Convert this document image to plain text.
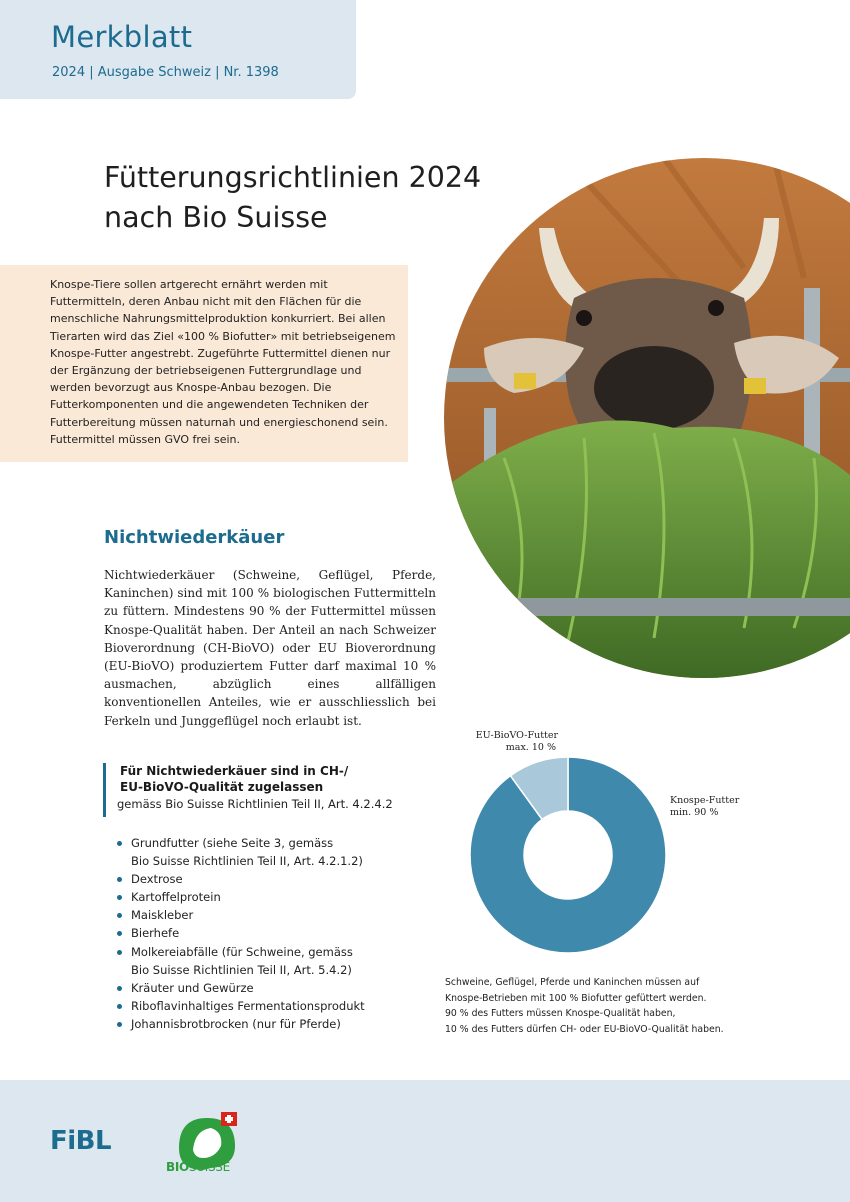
Merkblatt
2024 | Ausgabe Schweiz | Nr. 1398
Fütterungsrichtlinien 2024
nach Bio Suisse
Knospe-Tiere sollen artgerecht ernährt werden mit Futtermitteln, deren Anbau nicht mit den Flächen für die menschliche Nahrungsmittelproduktion konkurriert. Bei allen Tierarten wird das Ziel «100 % Biofutter» mit betriebseigenem Knospe-Futter angestrebt. Zugeführte Futtermittel dienen nur der Ergänzung der betriebseigenen Futtergrundlage und werden bevorzugt aus Knospe-Anbau bezogen. Die Futterkomponenten und die angewendeten Techniken der Futterbereitung müssen naturnah und energieschonend sein. Futtermittel müssen GVO frei sein.
Nichtwiederkäuer
Nichtwiederkäuer (Schweine, Geflügel, Pferde, Kaninchen) sind mit 100 % biologischen Futtermitteln zu füttern. Mindestens 90 % der Futtermittel müssen Knospe-Qualität haben. Der Anteil an nach Schweizer Bioverordnung (CH-BioVO) oder EU Bioverordnung (EU-BioVO) produziertem Futter darf maximal 10 % ausmachen, abzüglich eines allfälligen konventionellen Anteiles, wie er ausschliesslich bei Ferkeln und Junggeflügel noch erlaubt ist.
Für Nichtwiederkäuer sind in CH-/
EU-BioVO-Qualität zugelassen
gemäss Bio Suisse Richtlinien Teil II, Art. 4.2.4.2
Grundfutter (siehe Seite 3, gemäss
Bio Suisse Richtlinien Teil II, Art. 4.2.1.2)
Dextrose
Kartoffelprotein
Maiskleber
Bierhefe
Molkereiabfälle (für Schweine, gemäss
Bio Suisse Richtlinien Teil II, Art. 5.4.2)
Kräuter und Gewürze
Riboflavinhaltiges Fermentationsprodukt
Johannisbrotbrocken (nur für Pferde)
EU-BioVO-Futter
max. 10 %
Knospe-Futter
min. 90 %
Schweine, Geflügel, Pferde und Kaninchen müssen auf
Knospe-Betrieben mit 100 % Biofutter gefüttert werden.
90 % des Futters müssen Knospe-Qualität haben,
10 % des Futters dürfen CH- oder EU-BioVO-Qualität haben.
FiBL
BIOSUISSE
